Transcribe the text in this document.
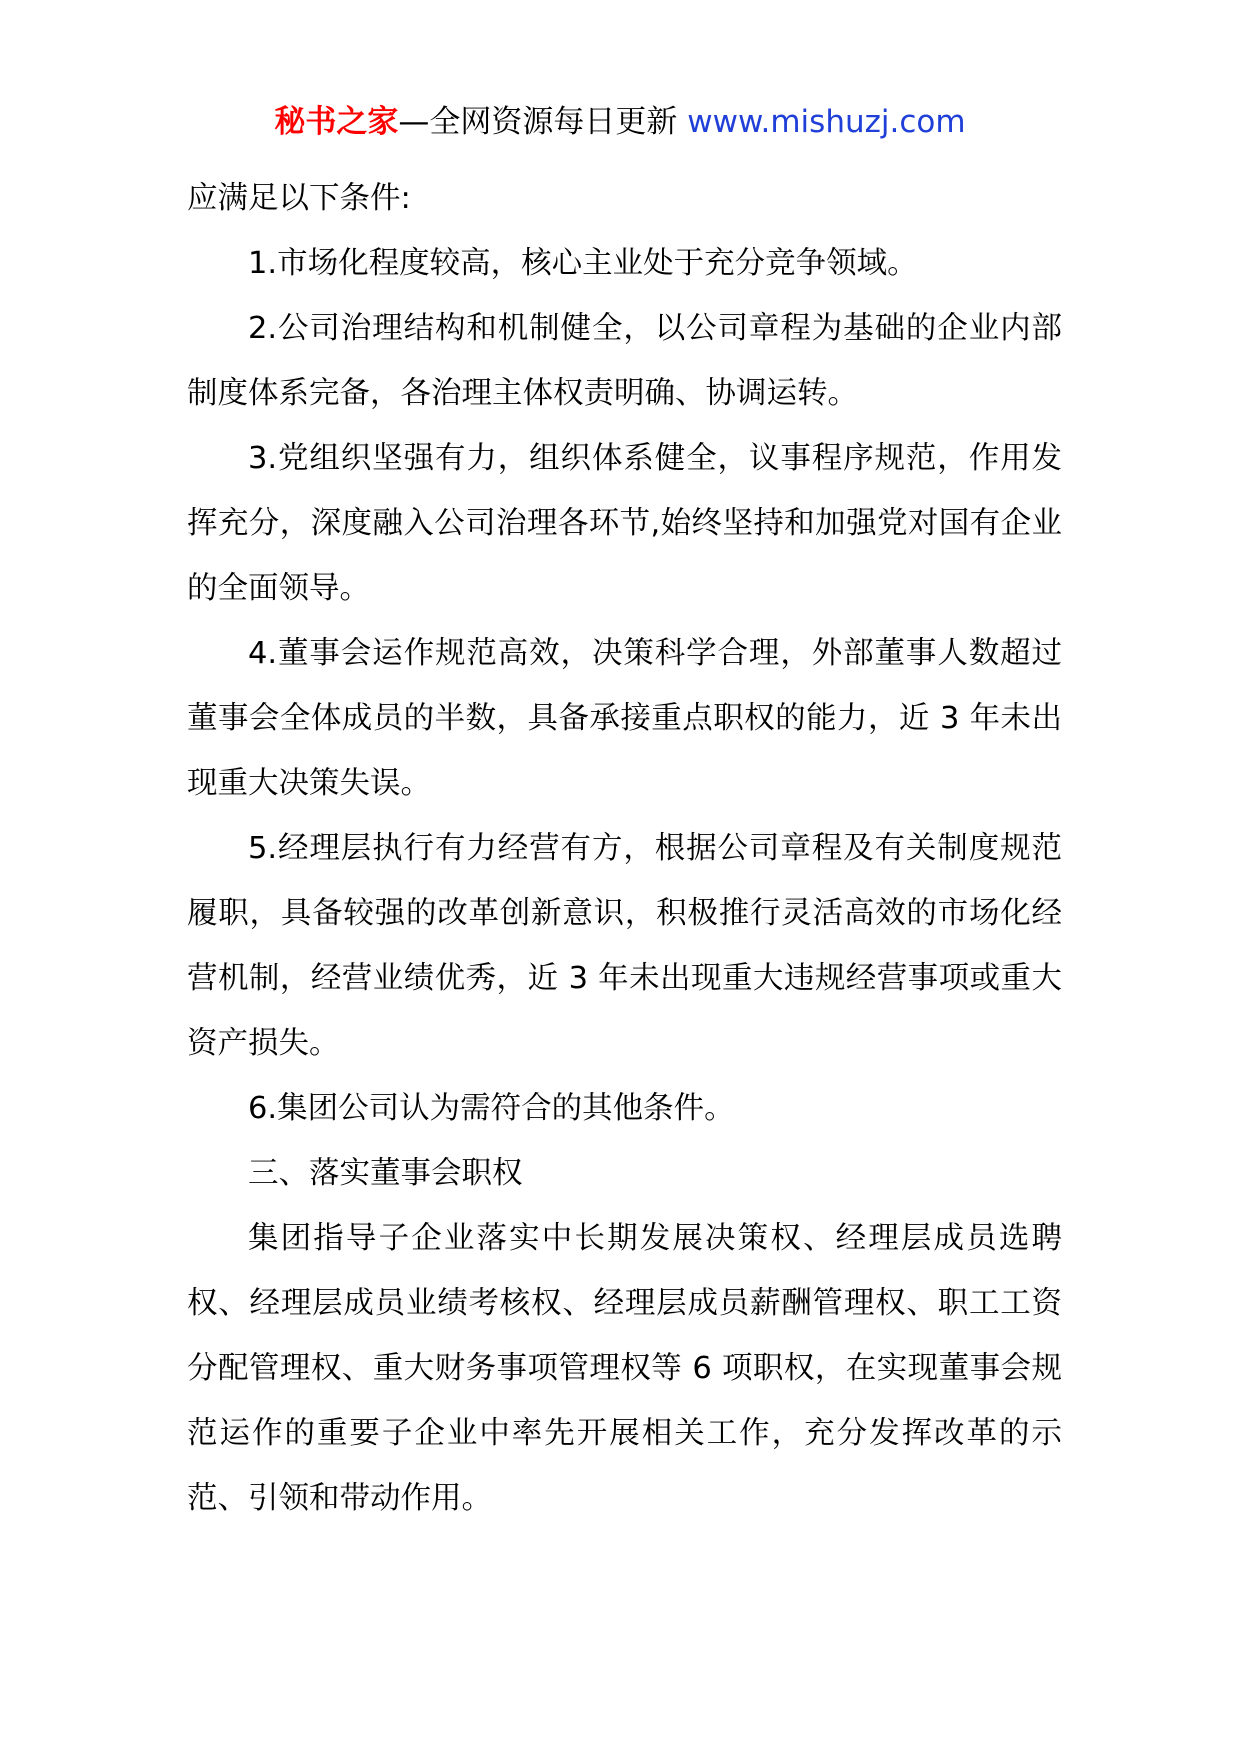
秘书之家—全网资源每日更新 www.mishuzj.com

应满足以下条件:

1.市场化程度较高，核心主业处于充分竞争领域。

2.公司治理结构和机制健全，以公司章程为基础的企业内部制度体系完备，各治理主体权责明确、协调运转。

3.党组织坚强有力，组织体系健全，议事程序规范，作用发挥充分，深度融入公司治理各环节,始终坚持和加强党对国有企业的全面领导。

4.董事会运作规范高效，决策科学合理，外部董事人数超过董事会全体成员的半数，具备承接重点职权的能力，近 3 年未出现重大决策失误。

5.经理层执行有力经营有方，根据公司章程及有关制度规范履职，具备较强的改革创新意识，积极推行灵活高效的市场化经营机制，经营业绩优秀，近 3 年未出现重大违规经营事项或重大资产损失。

6.集团公司认为需符合的其他条件。

三、落实董事会职权

集团指导子企业落实中长期发展决策权、经理层成员选聘权、经理层成员业绩考核权、经理层成员薪酬管理权、职工工资分配管理权、重大财务事项管理权等 6 项职权，在实现董事会规范运作的重要子企业中率先开展相关工作，充分发挥改革的示范、引领和带动作用。
